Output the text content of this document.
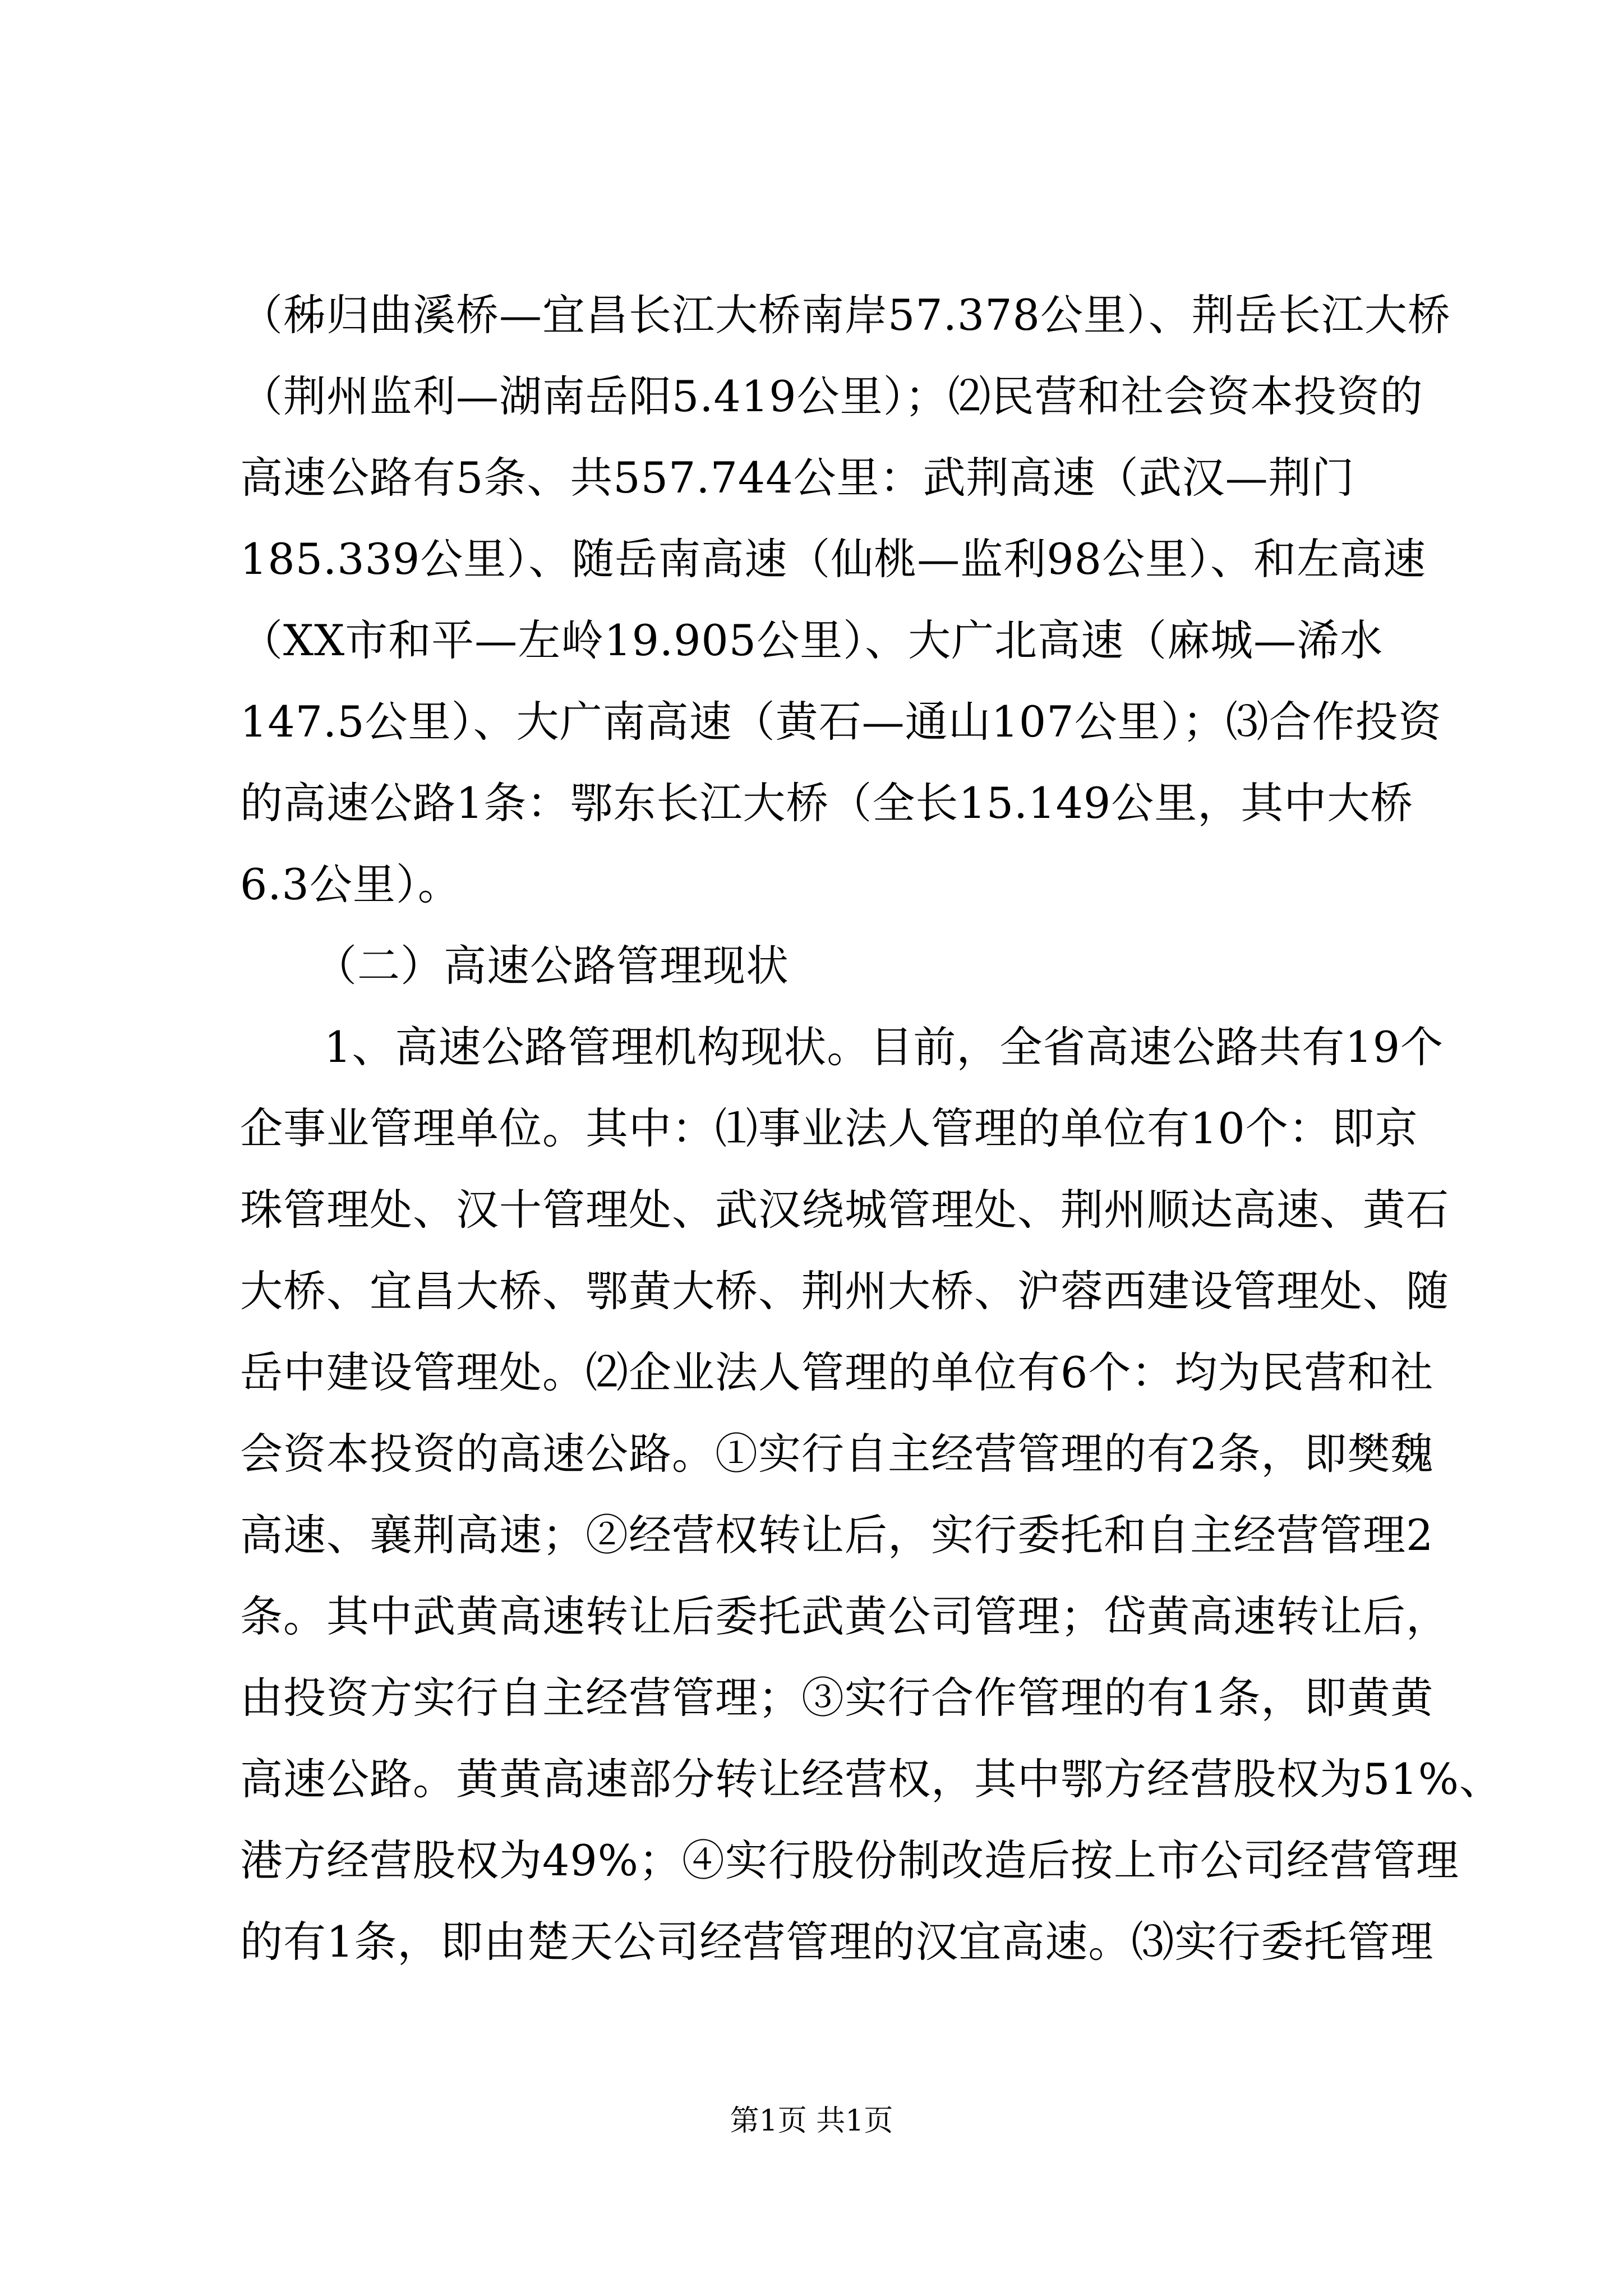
（秭归曲溪桥—宜昌长江大桥南岸57.378公里）、荆岳长江大桥
（荆州监利—湖南岳阳5.419公里）；⑵民营和社会资本投资的
高速公路有5条、共557.744公里：武荆高速（武汉—荆门
185.339公里）、随岳南高速（仙桃—监利98公里）、和左高速
（XX市和平—左岭19.905公里）、大广北高速（麻城—浠水
147.5公里）、大广南高速（黄石—通山107公里）；⑶合作投资
的高速公路1条：鄂东长江大桥（全长15.149公里，其中大桥
6.3公里）。
（二）高速公路管理现状
1、高速公路管理机构现状。目前，全省高速公路共有19个
企事业管理单位。其中：⑴事业法人管理的单位有10个：即京
珠管理处、汉十管理处、武汉绕城管理处、荆州顺达高速、黄石
大桥、宜昌大桥、鄂黄大桥、荆州大桥、沪蓉西建设管理处、随
岳中建设管理处。⑵企业法人管理的单位有6个：均为民营和社
会资本投资的高速公路。①实行自主经营管理的有2条，即樊魏
高速、襄荆高速；②经营权转让后，实行委托和自主经营管理2
条。其中武黄高速转让后委托武黄公司管理；岱黄高速转让后，
由投资方实行自主经营管理；③实行合作管理的有1条，即黄黄
高速公路。黄黄高速部分转让经营权，其中鄂方经营股权为51%、
港方经营股权为49%；④实行股份制改造后按上市公司经营管理
的有1条，即由楚天公司经营管理的汉宜高速。⑶实行委托管理
第1页 共1页
